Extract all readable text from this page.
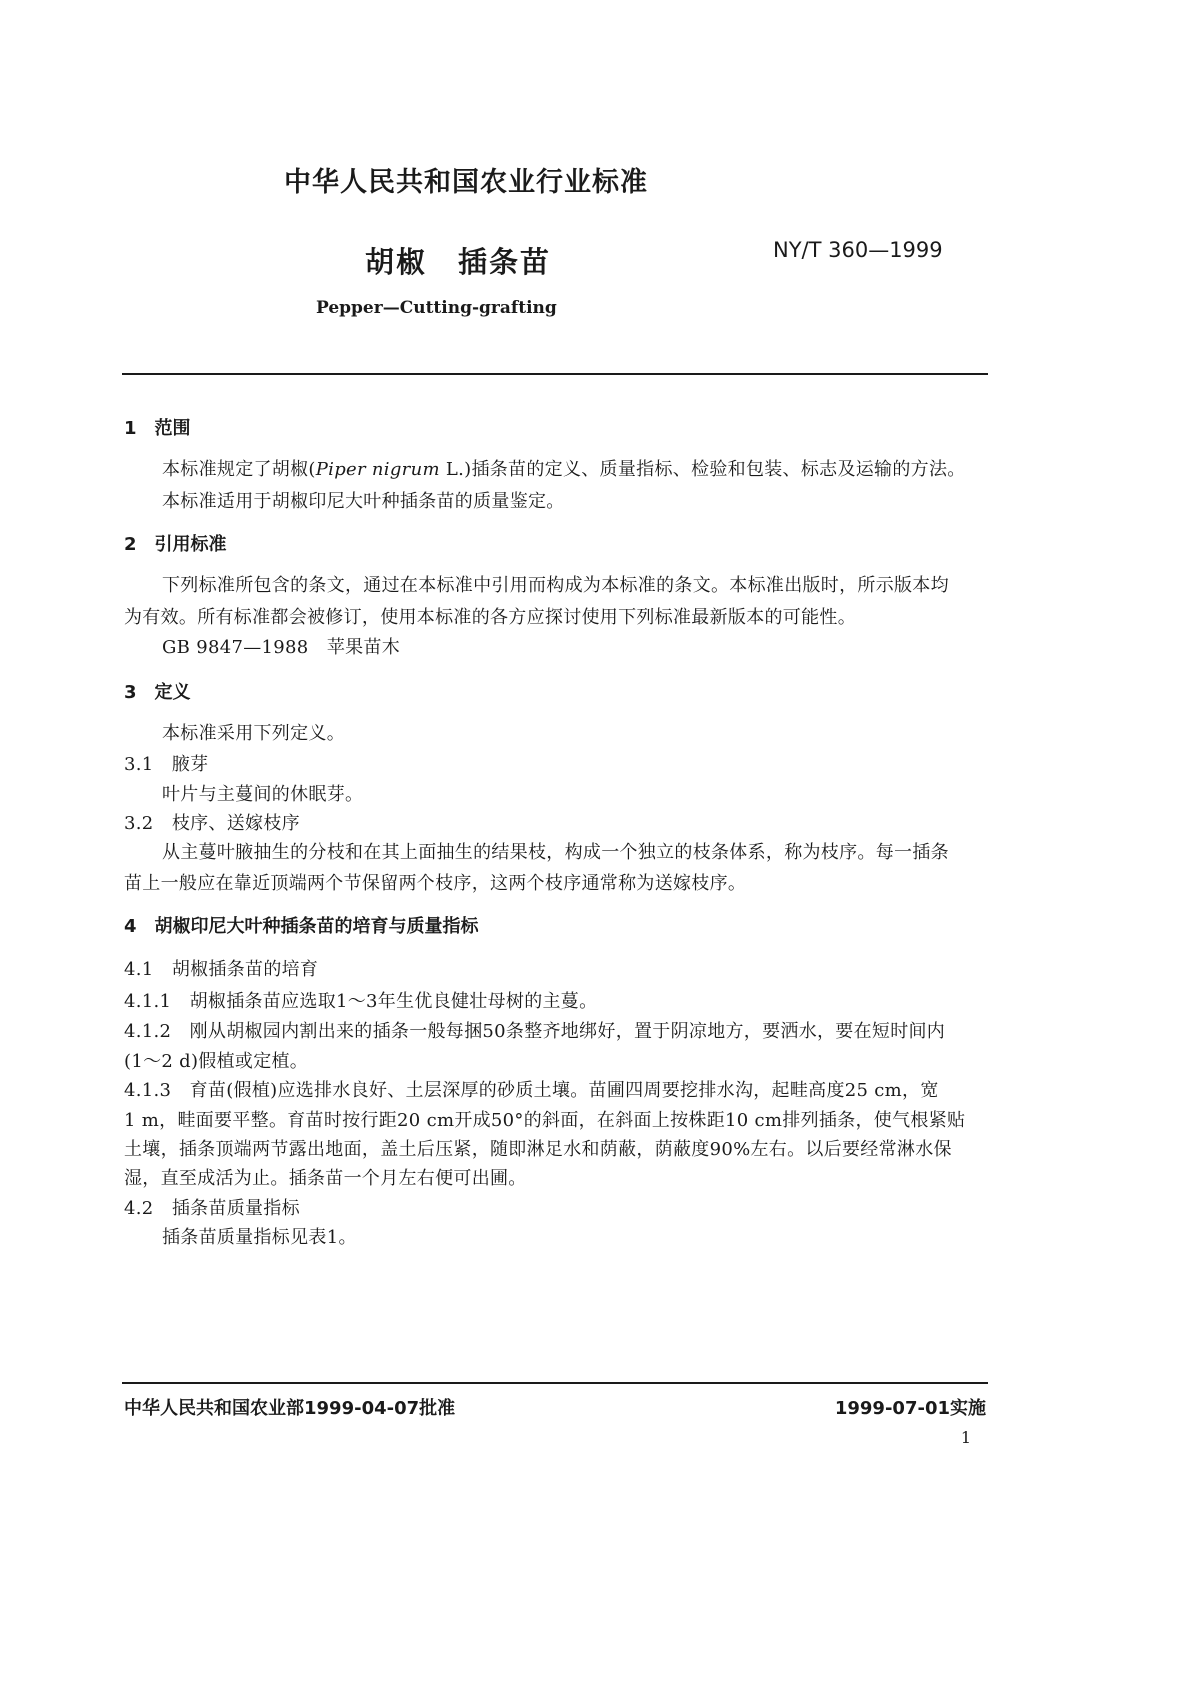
中华人民共和国农业行业标准
胡椒　插条苗	NY/T 360—1999
Pepper—Cutting-grafting
1　范围
本标准规定了胡椒(Piper nigrum L.)插条苗的定义、质量指标、检验和包装、标志及运输的方法。
本标准适用于胡椒印尼大叶种插条苗的质量鉴定。
2　引用标准
下列标准所包含的条文，通过在本标准中引用而构成为本标准的条文。本标准出版时，所示版本均
为有效。所有标准都会被修订，使用本标准的各方应探讨使用下列标准最新版本的可能性。
GB 9847—1988　苹果苗木
3　定义
本标准采用下列定义。
3.1　腋芽
叶片与主蔓间的休眠芽。
3.2　枝序、送嫁枝序
从主蔓叶腋抽生的分枝和在其上面抽生的结果枝，构成一个独立的枝条体系，称为枝序。每一插条
苗上一般应在靠近顶端两个节保留两个枝序，这两个枝序通常称为送嫁枝序。
4　胡椒印尼大叶种插条苗的培育与质量指标
4.1　胡椒插条苗的培育
4.1.1　胡椒插条苗应选取1～3年生优良健壮母树的主蔓。
4.1.2　刚从胡椒园内割出来的插条一般每捆50条整齐地绑好，置于阴凉地方，要洒水，要在短时间内
(1～2 d)假植或定植。
4.1.3　育苗(假植)应选排水良好、土层深厚的砂质土壤。苗圃四周要挖排水沟，起畦高度25 cm，宽
1 m，畦面要平整。育苗时按行距20 cm开成50°的斜面，在斜面上按株距10 cm排列插条，使气根紧贴
土壤，插条顶端两节露出地面，盖土后压紧，随即淋足水和荫蔽，荫蔽度90%左右。以后要经常淋水保
湿，直至成活为止。插条苗一个月左右便可出圃。
4.2　插条苗质量指标
插条苗质量指标见表1。
中华人民共和国农业部1999-04-07批准	1999-07-01实施
1
